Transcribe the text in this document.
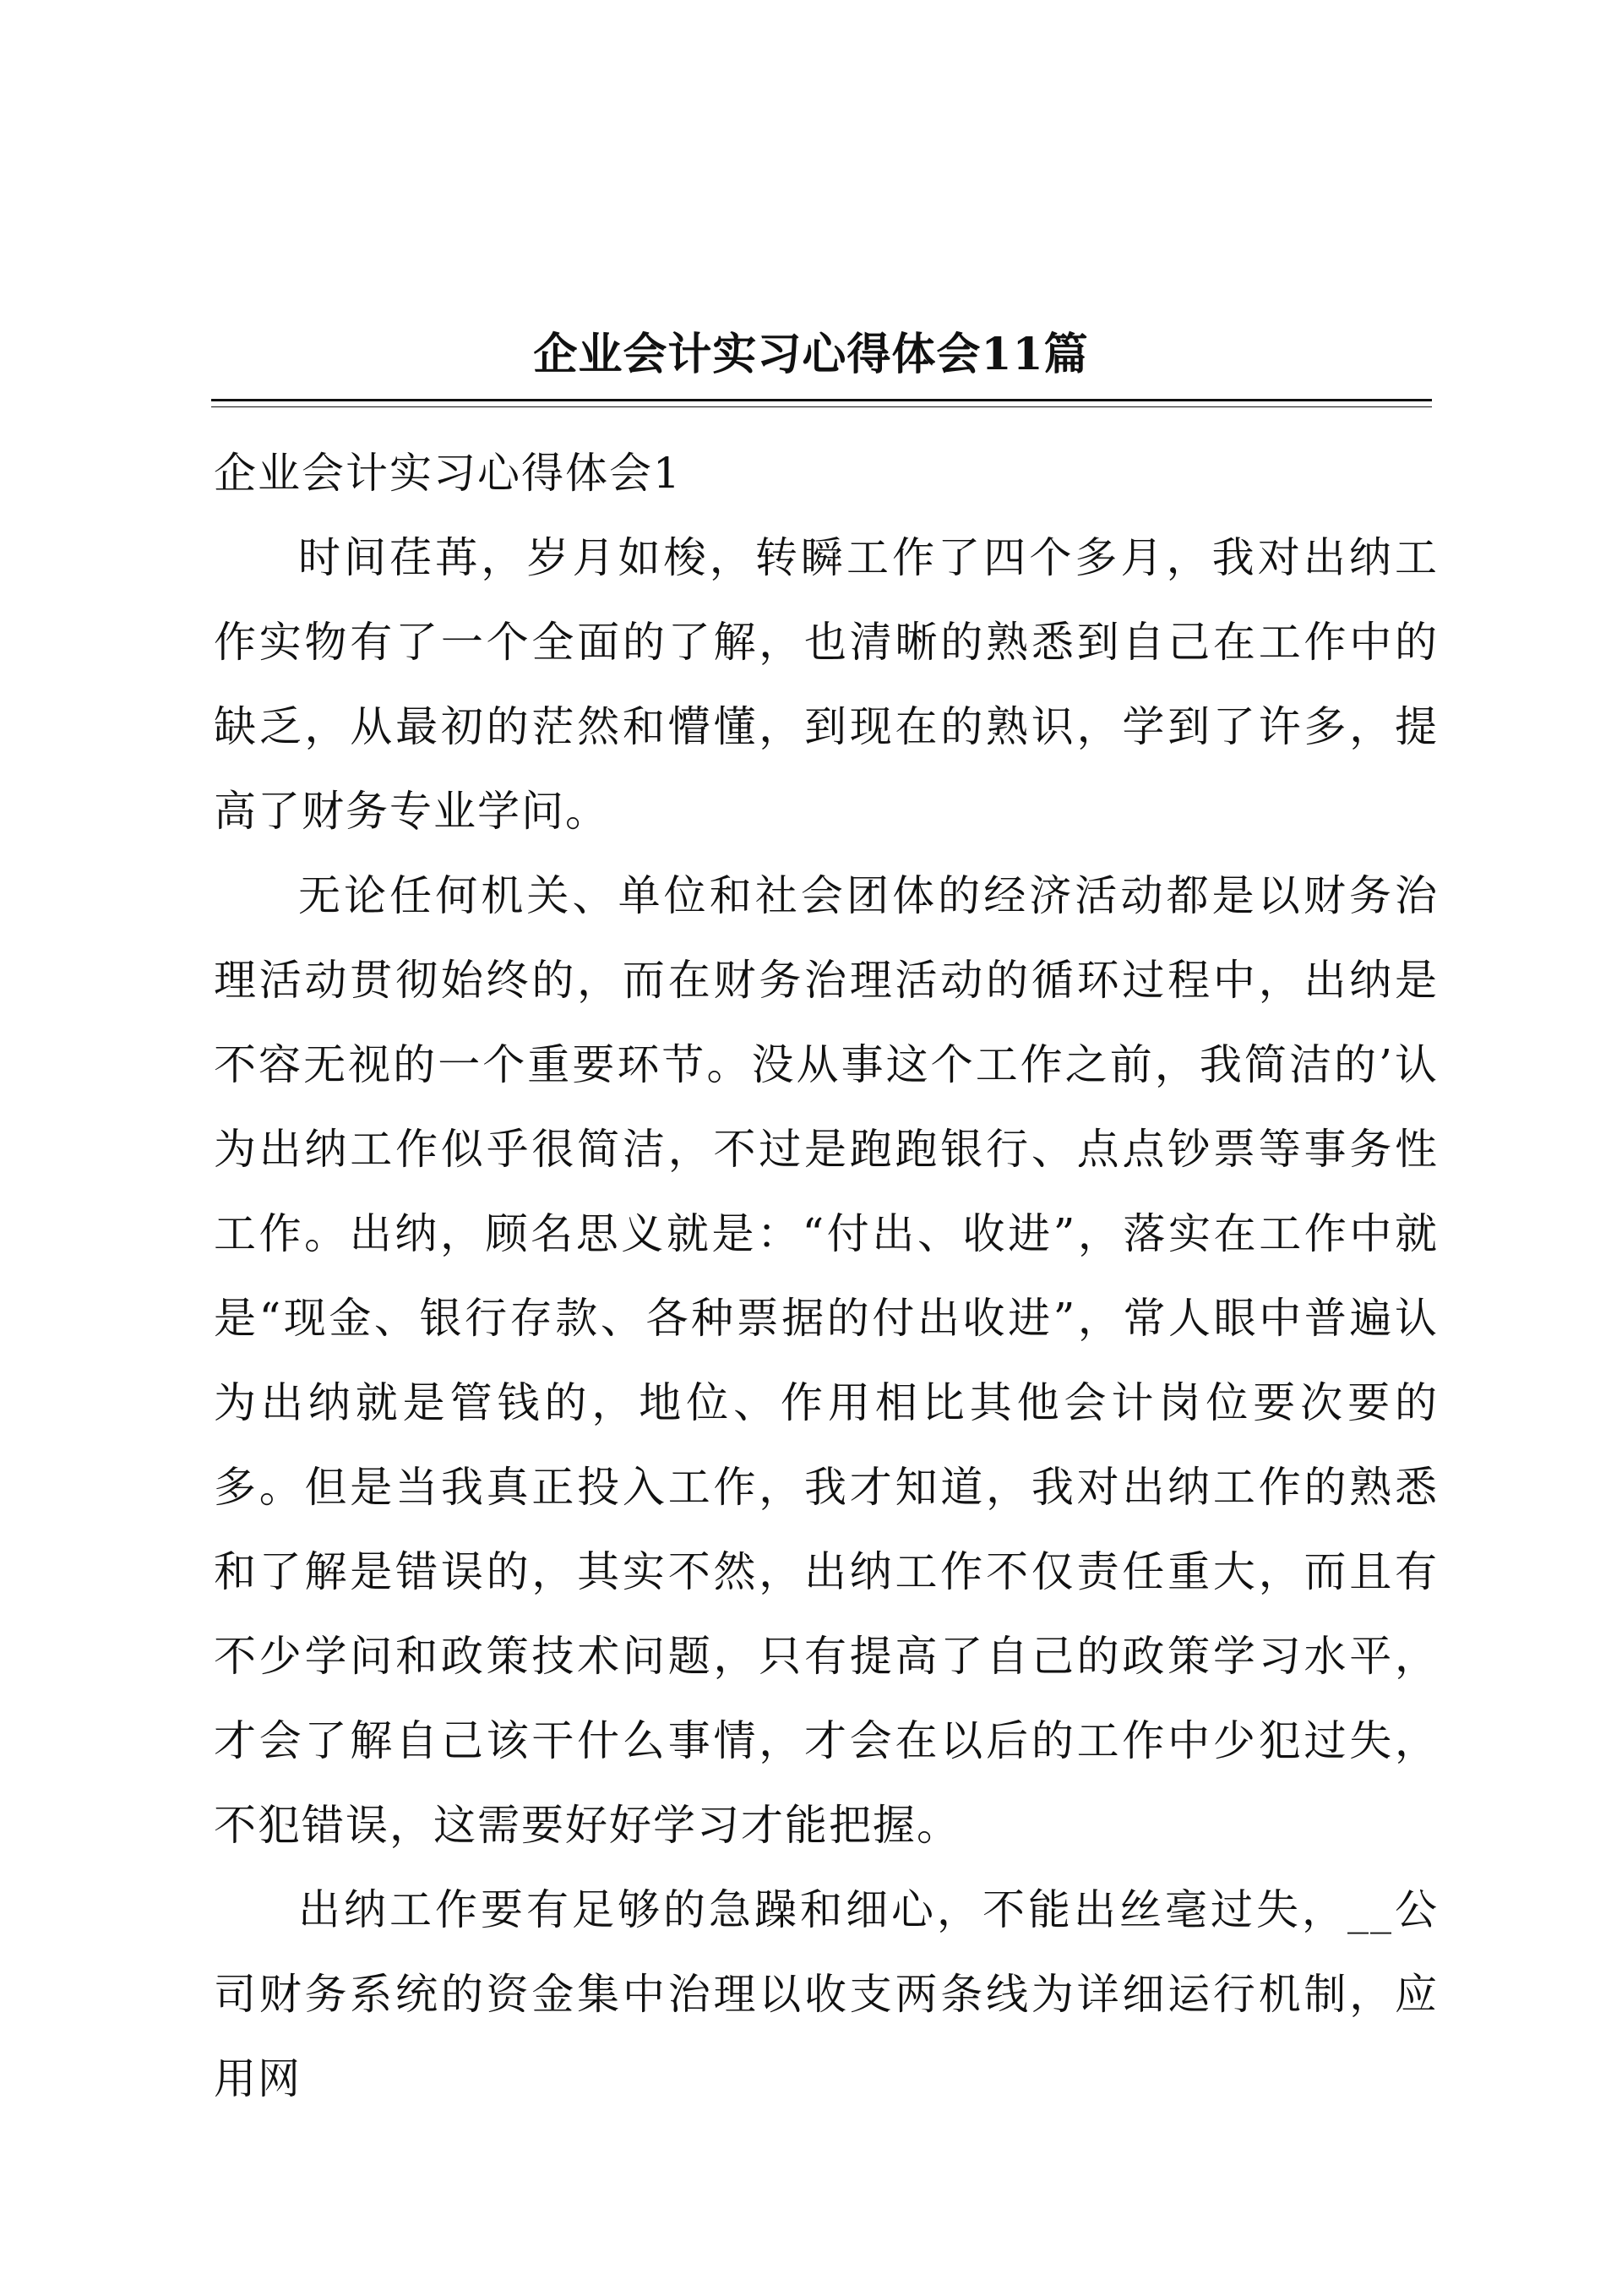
企业会计实习心得体会11篇
企业会计实习心得体会1

时间荏苒，岁月如梭，转瞬工作了四个多月，我对出纳工作实物有了一个全面的了解，也清晰的熟悉到自己在工作中的缺乏，从最初的茫然和懵懂，到现在的熟识，学到了许多，提高了财务专业学问。

无论任何机关、单位和社会团体的经济活动都是以财务治理活动贯彻始终的，而在财务治理活动的循环过程中，出纳是不容无视的一个重要环节。没从事这个工作之前，我简洁的’认为出纳工作似乎很简洁，不过是跑跑银行、点点钞票等事务性工作。出纳，顾名思义就是：“付出、收进”，落实在工作中就是“现金、银行存款、各种票据的付出收进”，常人眼中普遍认为出纳就是管钱的，地位、作用相比其他会计岗位要次要的多。但是当我真正投入工作，我才知道，我对出纳工作的熟悉和了解是错误的，其实不然，出纳工作不仅责任重大，而且有不少学问和政策技术问题，只有提高了自己的政策学习水平，才会了解自己该干什么事情，才会在以后的工作中少犯过失，不犯错误，这需要好好学习才能把握。

出纳工作要有足够的急躁和细心，不能出丝毫过失，__公司财务系统的资金集中治理以收支两条线为详细运行机制，应用网
